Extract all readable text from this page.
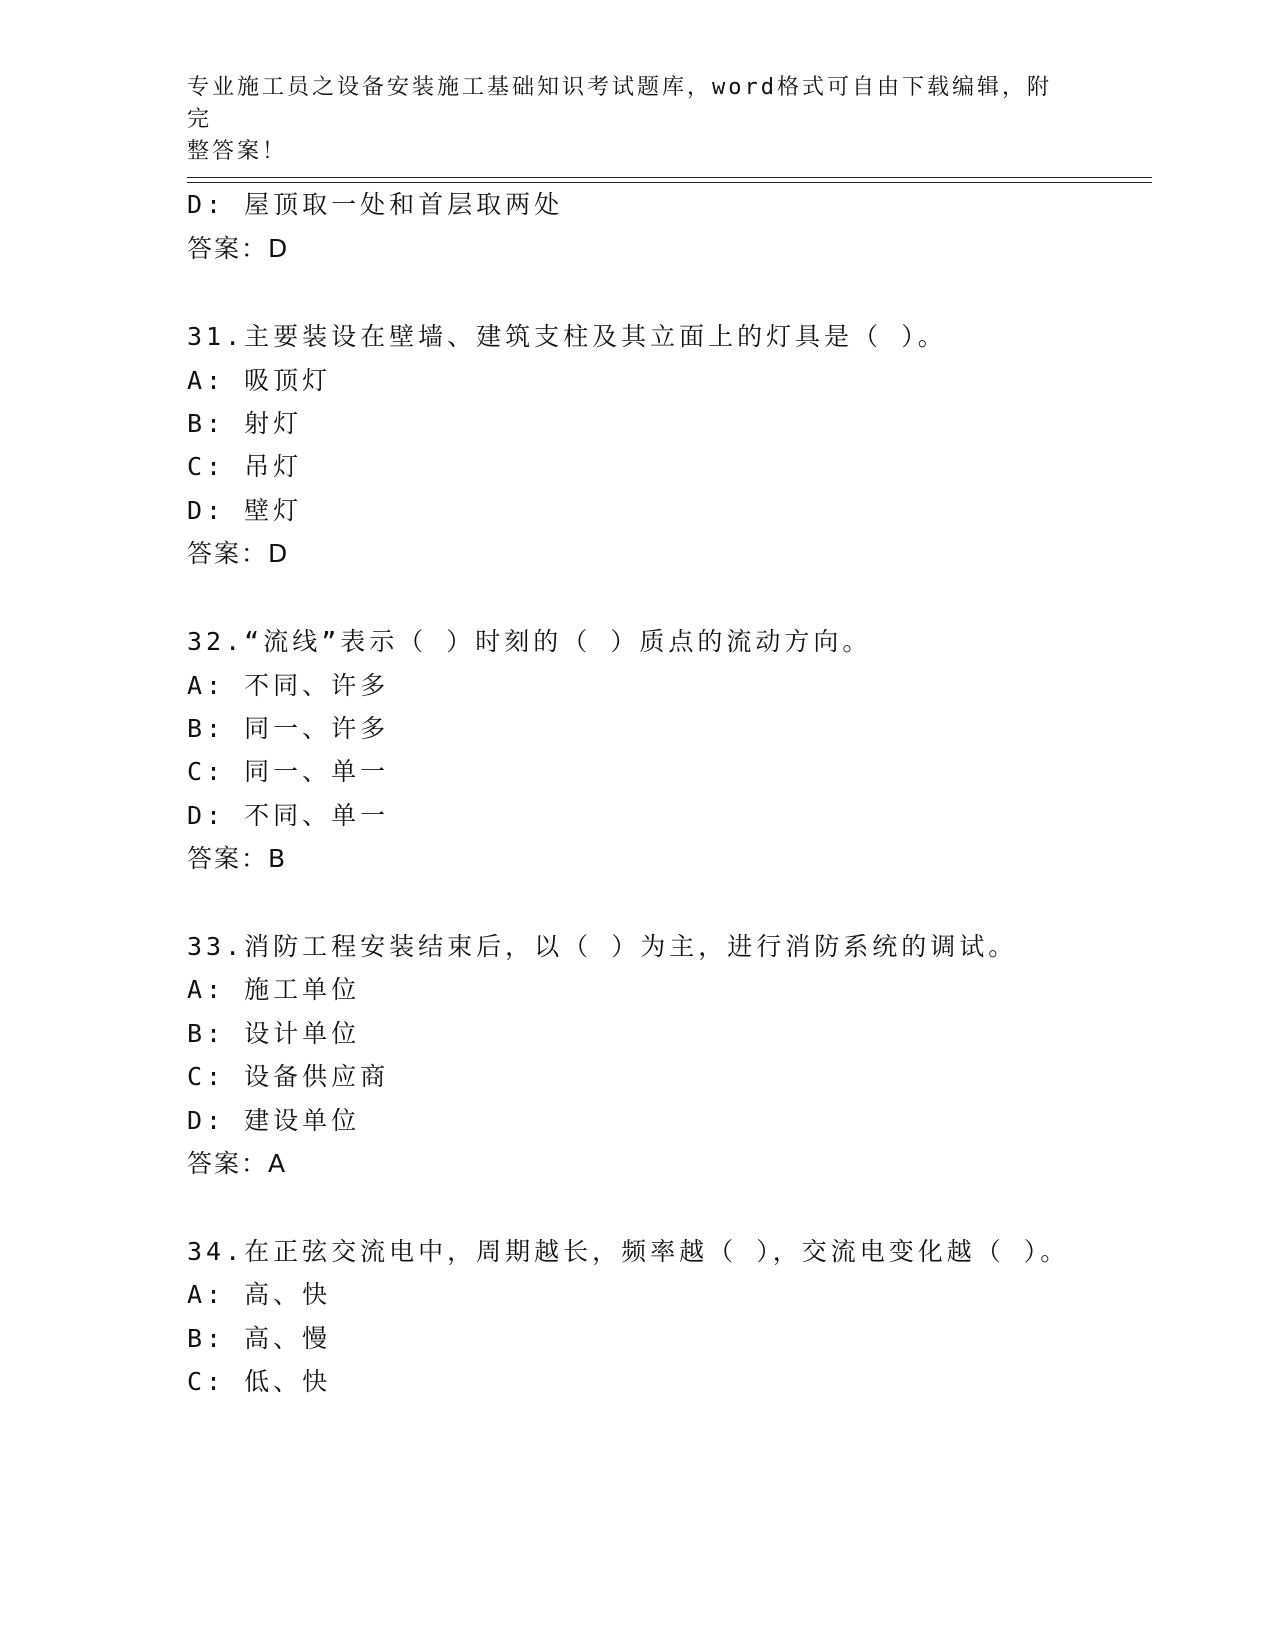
专业施工员之设备安装施工基础知识考试题库，word格式可自由下载编辑，附完
整答案！
D: 屋顶取一处和首层取两处
答案：D
31.主要装设在壁墙、建筑支柱及其立面上的灯具是（ ）。
A: 吸顶灯
B: 射灯
C: 吊灯
D: 壁灯
答案：D
32.“流线”表示（ ）时刻的（ ）质点的流动方向。
A: 不同、许多
B: 同一、许多
C: 同一、单一
D: 不同、单一
答案：B
33.消防工程安装结束后，以（ ）为主，进行消防系统的调试。
A: 施工单位
B: 设计单位
C: 设备供应商
D: 建设单位
答案：A
34.在正弦交流电中，周期越长，频率越（ ），交流电变化越（ ）。
A: 高、快
B: 高、慢
C: 低、快
